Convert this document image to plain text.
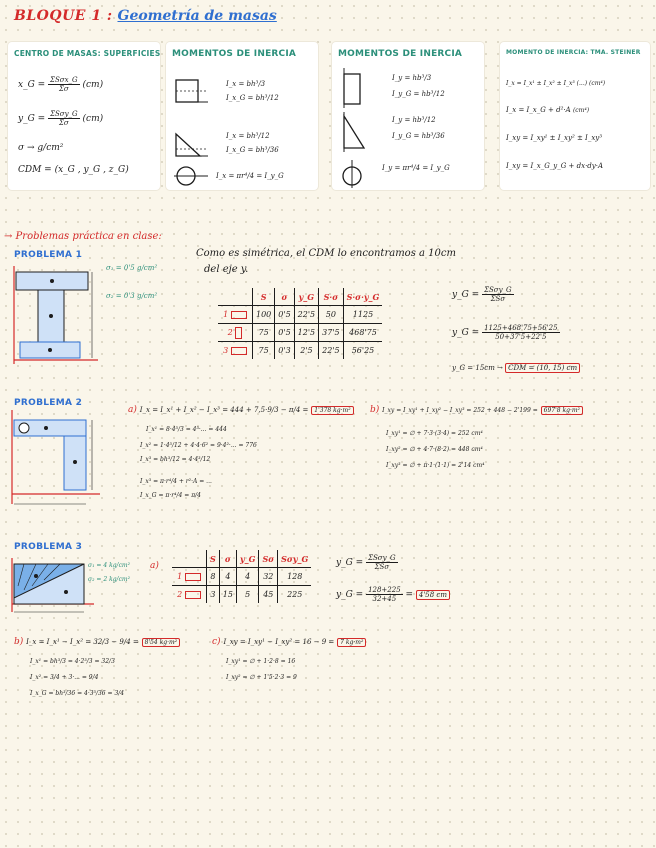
BLOQUE 1 : Geometría de masas
CENTRO DE MASAS: SUPERFICIES
x_G = $\frac{\text{ΣSσx\_G}}{\Sigma\sigma} (cm)$
y_G = $\frac{\text{ΣSσy\_G}}{\Sigma\sigma} (cm)$
σ → g/cm²
CDM = (x_G , y_G , z_G)
MOMENTOS DE INERCIA
I_x = bh³/3
I_x_G = bh³/12
I_x = bh³/12
I_x_G = bh³/36
I_x = πr⁴/4 = I_y_G
MOMENTOS DE INERCIA
I_y = hb³/3
I_y_G = hb³/12
I_y = hb³/12
I_y_G = hb³/36
I_y = πr⁴/4 = I_y_G
MOMENTO DE INERCIA: TMA. STEINER
I_x = I_x¹ ± I_x² ± I_x³ (...) (cm⁴)
I_x = I_x_G + d²·A (cm⁴)
I_xy = I_xy¹ ± I_xy² ± I_xy³
I_xy = I_x_G_y_G + dx·dy·A
→ Problemas práctica en clase:
PROBLEMA 1
σ₁ = 0'5 g/cm²
σ₂ = 0'3 g/cm²
Como es simétrica, el CDM lo encontramos a 10cm
del eje y.
	S	σ	y_G	S·σ	S·σ·y_G
1	100	0'5	22'5	50	1125
2	75	0'5	12'5	37'5	468'75
3	75	0'3	2'5	22'5	56'25
y_G = $\frac{\text{ΣSσy\_G}}{\text{ΣSσ}}$
y_G = $\frac{1125+468'75+56'25}{50+37'5+22'5}$
y_G = 15cm → CDM = (10, 15) cm
PROBLEMA 2
a) I_x = I_x¹ + I_x² − I_x³ = 444 + 7,5·9/3 − π/4 = 1'378 kg·m²
I_x¹ = 8·4³/3 = 4³·... = 444
I_x² = 1·4³/12 + 4·4·6² = 9·4²·... = 776
I_x³ = bh³/12 = 4·4³/12
I_x³ = π·r⁴/4 + r²·A = ...
I_x_G = π·r⁴/4 = π/4
b) I_xy = I_xy¹ + I_xy² − I_xy³ = 252 + 448 − 2'199 = 697'8 kg·m²
I_xy¹ = ∅ + 7·3·(3·4) = 252 cm⁴
I_xy² = ∅ + 4·7·(8·2) = 448 cm⁴
I_xy³ = ∅ + π·1·(1·1) = 2'14 cm⁴
PROBLEMA 3
σ₁ = 4 kg/cm²
σ₂ = 2 kg/cm²
a)
	S	σ	y_G	Sσ	Sσy_G
1	8	4	4	32	128
2	3	15	5	45	225
y_G = $\frac{\text{ΣSσy\_G}}{\text{ΣSσ}}$
y_G = $\frac{128+225}{32+45} = 4'58$ cm
b) I_x = I_x¹ − I_x² = 32/3 − 9/4 = 8'54 kg·m²
I_x¹ = bh³/3 = 4·2³/3 = 32/3
I_x² = 3/4 + 3·... = 9/4
I_x_G = bh³/36 = 4·3³/36 = 3/4
c) I_xy = I_xy¹ − I_xy² = 16 − 9 = 7 kg·m²
I_xy¹ = ∅ + 1·2·8 = 16
I_xy² = ∅ + 1'5·2·3 = 9
